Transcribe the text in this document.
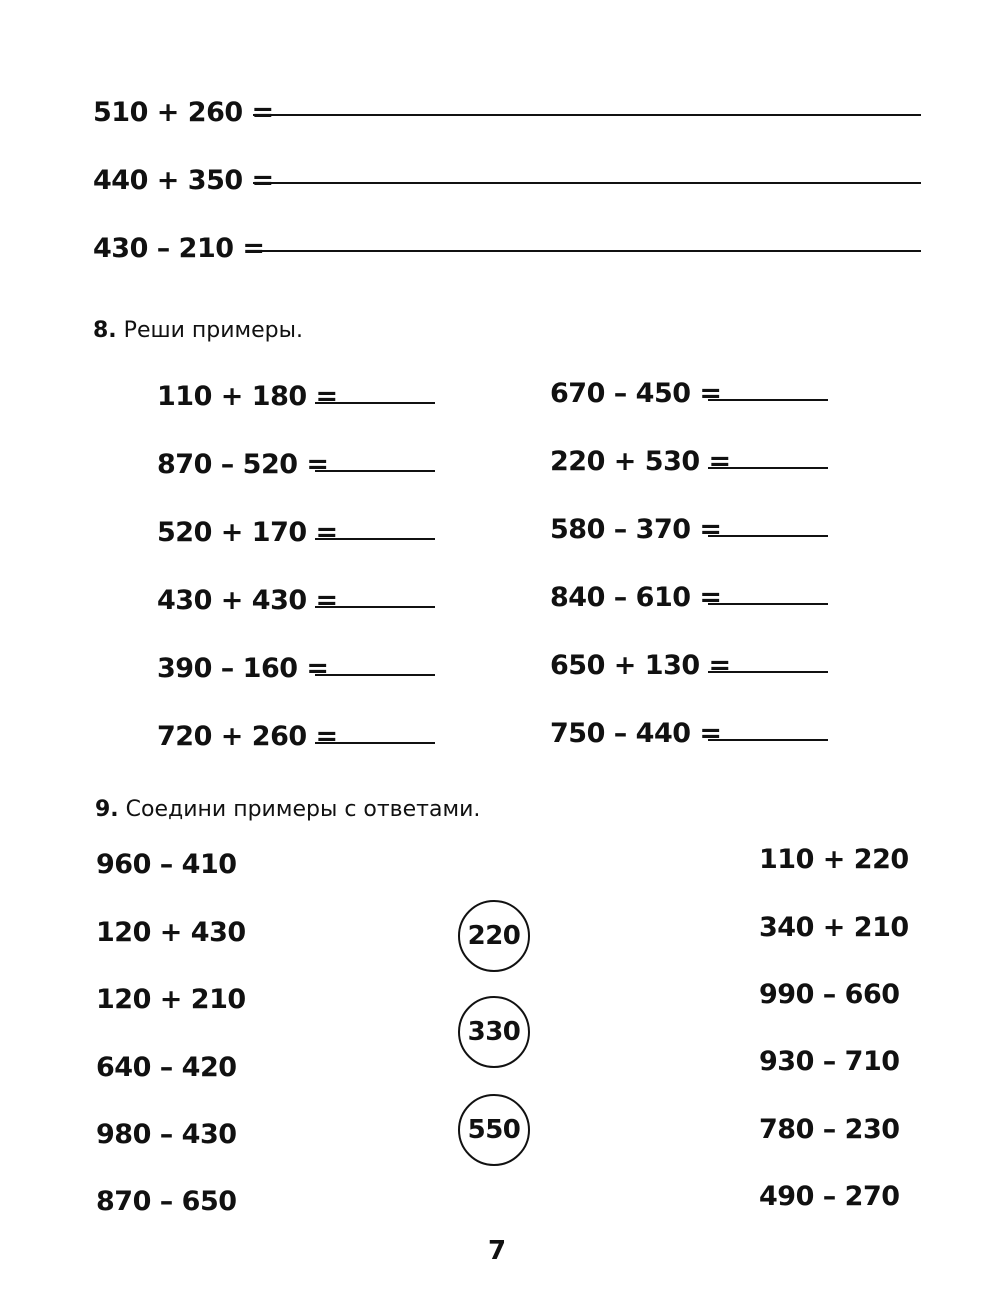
510 + 260 =
440 + 350 =
430 – 210 =
8. Реши примеры.
110 + 180 =
870 – 520 =
520 + 170 =
430 + 430 =
390 – 160 =
720 + 260 =
670 – 450 =
220 + 530 =
580 – 370 =
840 – 610 =
650 + 130 =
750 – 440 =
9. Соедини примеры с ответами.
960 – 410
120 + 430
120 + 210
640 – 420
980 – 430
870 – 650
220
330
550
110 + 220
340 + 210
990 – 660
930 – 710
780 – 230
490 – 270
7
